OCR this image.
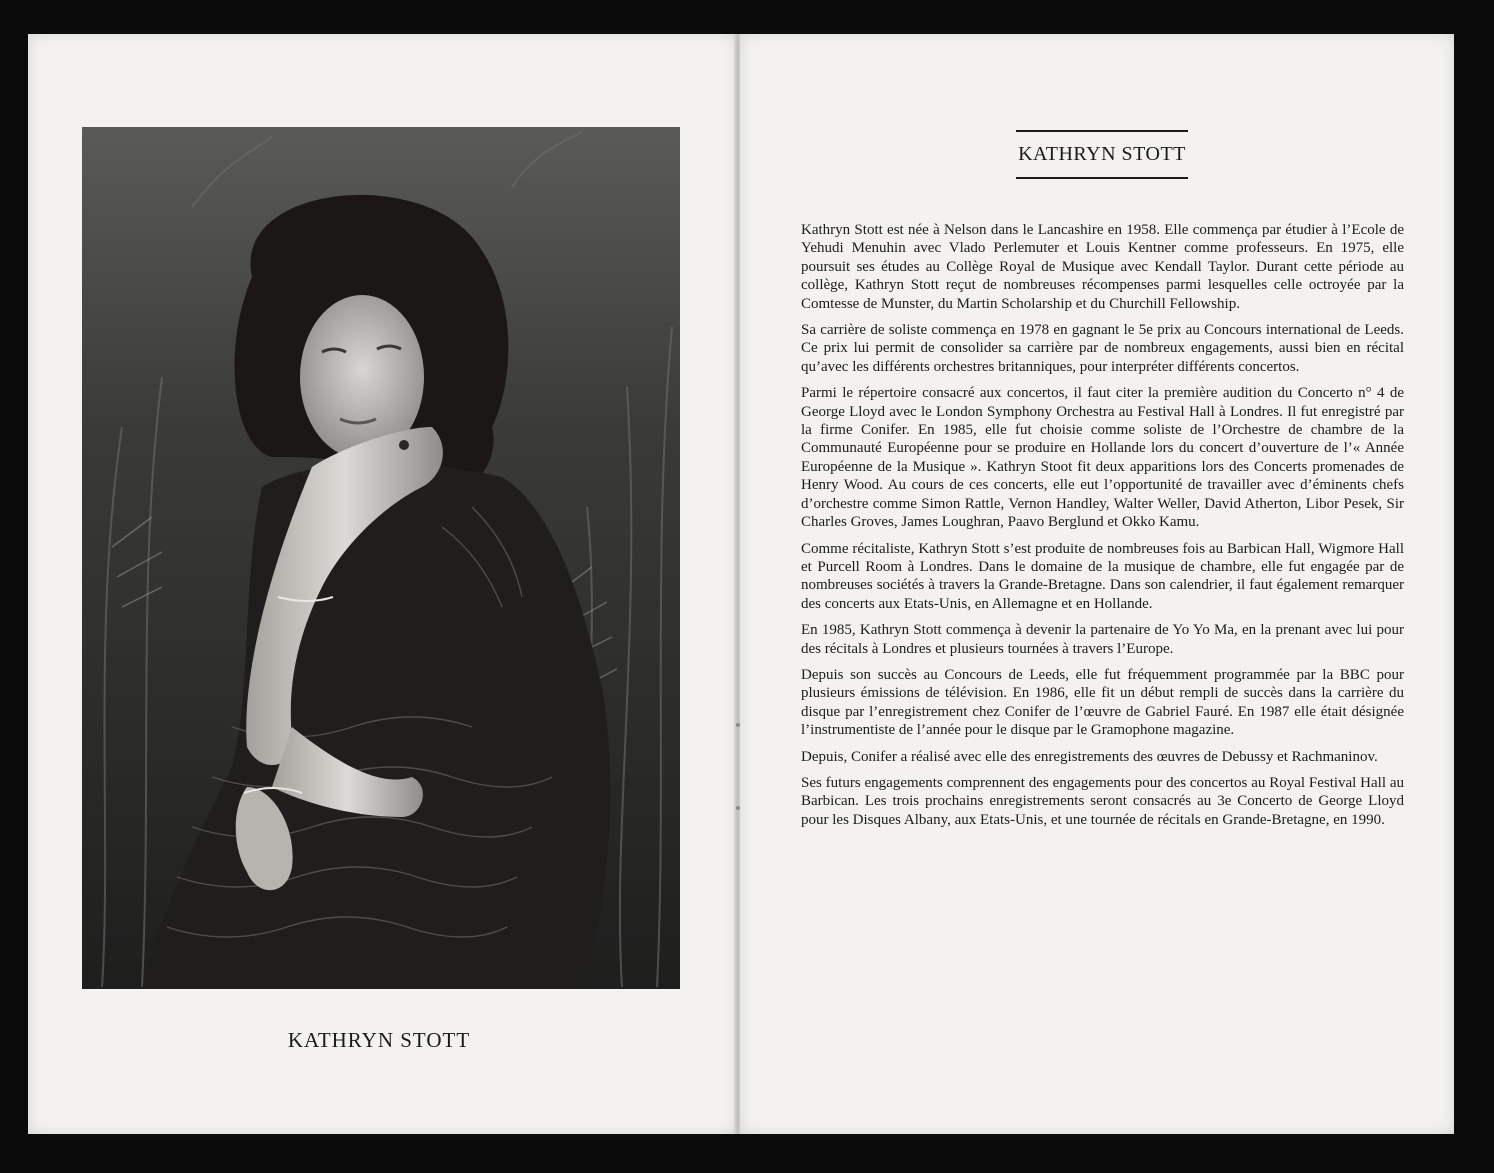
KATHRYN STOTT
KATHRYN STOTT

Kathryn Stott est née à Nelson dans le Lancashire en 1958. Elle commença par étudier à l’Ecole de Yehudi Menuhin avec Vlado Perlemuter et Louis Kentner comme professeurs. En 1975, elle poursuit ses études au Collège Royal de Musique avec Kendall Taylor. Durant cette période au collège, Kathryn Stott reçut de nombreuses récompenses parmi lesquelles celle octroyée par la Comtesse de Munster, du Martin Scholarship et du Churchill Fellowship.

Sa carrière de soliste commença en 1978 en gagnant le 5e prix au Concours international de Leeds. Ce prix lui permit de consolider sa carrière par de nombreux engagements, aussi bien en récital qu’avec les différents orchestres britanniques, pour interpréter différents concertos.

Parmi le répertoire consacré aux concertos, il faut citer la première audition du Concerto n° 4 de George Lloyd avec le London Symphony Orchestra au Festival Hall à Londres. Il fut enregistré par la firme Conifer. En 1985, elle fut choisie comme soliste de l’Orchestre de chambre de la Communauté Européenne pour se produire en Hollande lors du concert d’ouverture de l’« Année Européenne de la Musique ». Kathryn Stoot fit deux apparitions lors des Concerts promenades de Henry Wood. Au cours de ces concerts, elle eut l’opportunité de travailler avec d’éminents chefs d’orchestre comme Simon Rattle, Vernon Handley, Walter Weller, David Atherton, Libor Pesek, Sir Charles Groves, James Loughran, Paavo Berglund et Okko Kamu.

Comme récitaliste, Kathryn Stott s’est produite de nombreuses fois au Barbican Hall, Wigmore Hall et Purcell Room à Londres. Dans le domaine de la musique de chambre, elle fut engagée par de nombreuses sociétés à travers la Grande-Bretagne. Dans son calendrier, il faut également remarquer des concerts aux Etats-Unis, en Allemagne et en Hollande.

En 1985, Kathryn Stott commença à devenir la partenaire de Yo Yo Ma, en la prenant avec lui pour des récitals à Londres et plusieurs tournées à travers l’Europe.

Depuis son succès au Concours de Leeds, elle fut fréquemment programmée par la BBC pour plusieurs émissions de télévision. En 1986, elle fit un début rempli de succès dans la carrière du disque par l’enregistrement chez Conifer de l’œuvre de Gabriel Fauré. En 1987 elle était désignée l’instrumentiste de l’année pour le disque par le Gramophone magazine.

Depuis, Conifer a réalisé avec elle des enregistrements des œuvres de Debussy et Rachmaninov.

Ses futurs engagements comprennent des engagements pour des concertos au Royal Festival Hall au Barbican. Les trois prochains enregistrements seront consacrés au 3e Concerto de George Lloyd pour les Disques Albany, aux Etats-Unis, et une tournée de récitals en Grande-Bretagne, en 1990.
